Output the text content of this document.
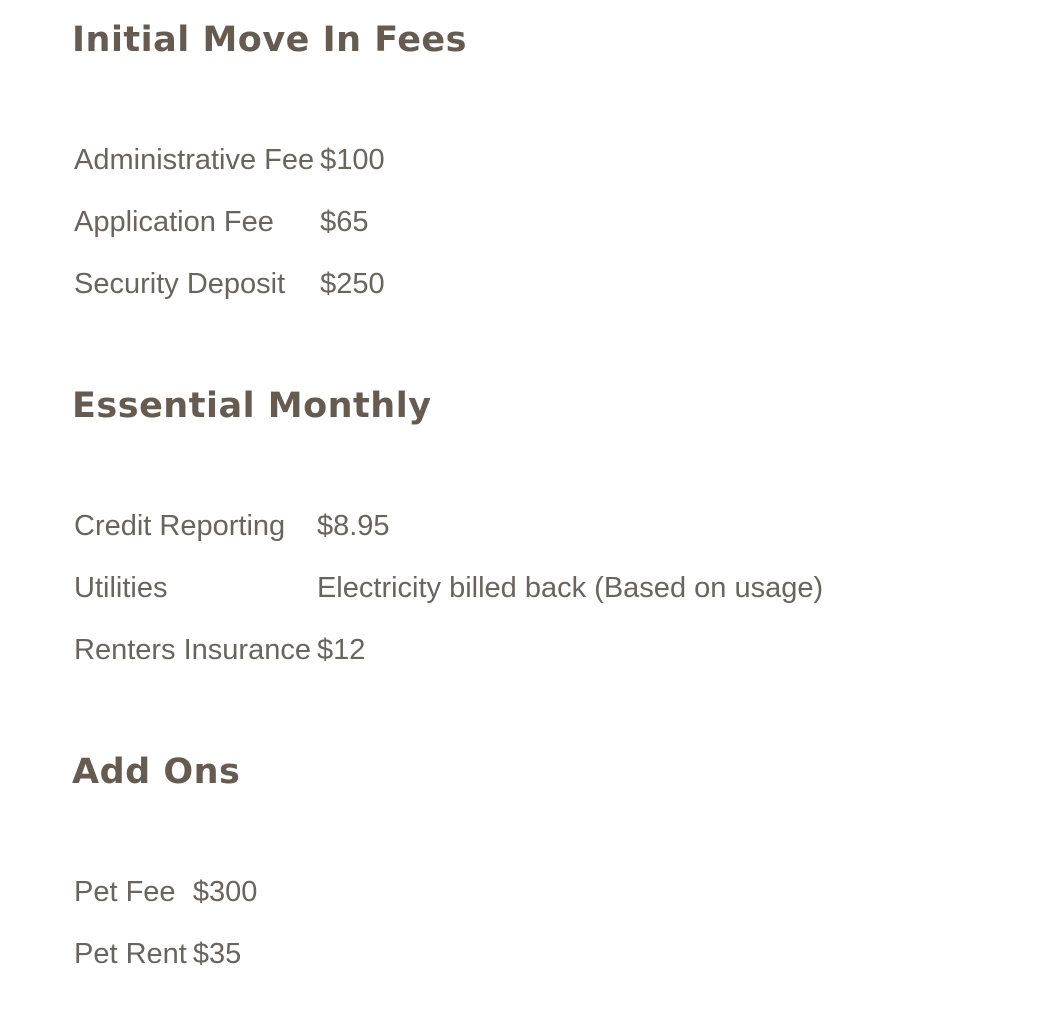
Initial Move In Fees
Administrative Fee	$100
Application Fee	$65
Security Deposit	$250
Essential Monthly
Credit Reporting	$8.95
Utilities	Electricity billed back (Based on usage)
Renters Insurance	$12
Add Ons
Pet Fee	$300
Pet Rent	$35
